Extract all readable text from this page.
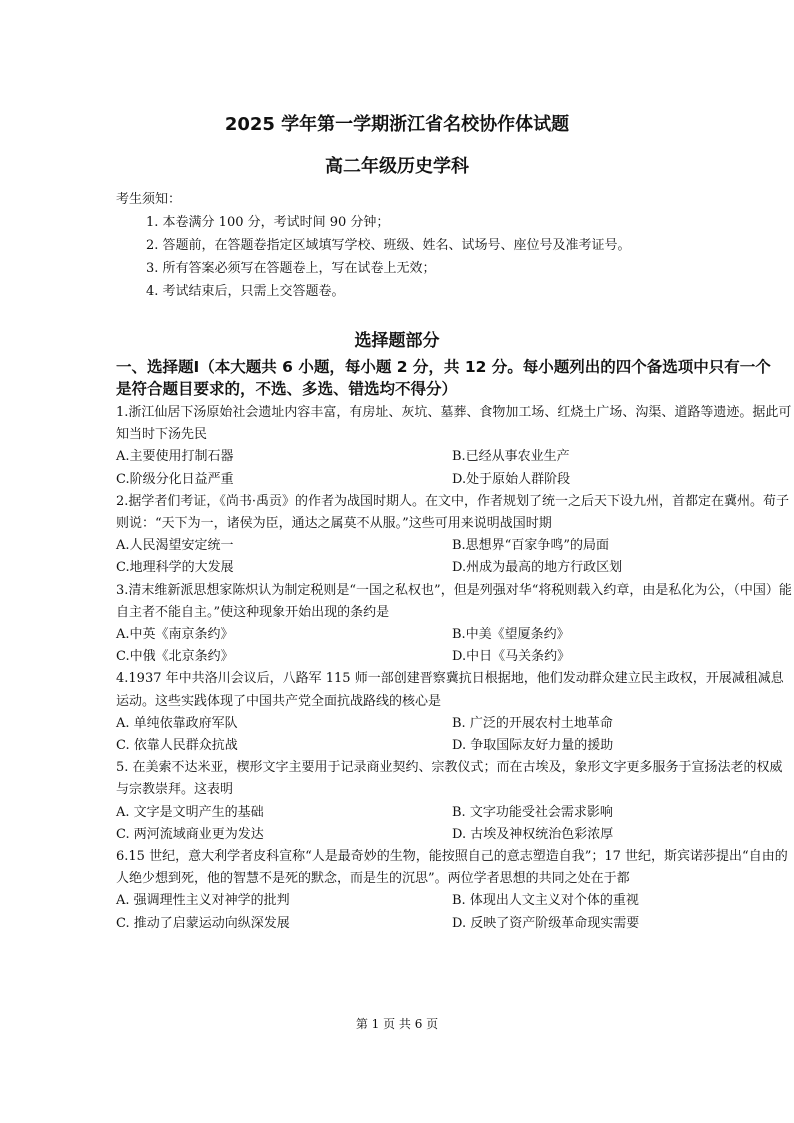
2025 学年第一学期浙江省名校协作体试题
高二年级历史学科
考生须知：
1. 本卷满分 100 分，考试时间 90 分钟；
2. 答题前，在答题卷指定区域填写学校、班级、姓名、试场号、座位号及准考证号。
3. 所有答案必须写在答题卷上，写在试卷上无效；
4. 考试结束后，只需上交答题卷。
选择题部分
一、选择题Ⅰ（本大题共 6 小题，每小题 2 分，共 12 分。每小题列出的四个备选项中只有一个是符合题目要求的，不选、多选、错选均不得分）
1.浙江仙居下汤原始社会遗址内容丰富，有房址、灰坑、墓葬、食物加工场、红烧土广场、沟渠、道路等遗迹。据此可知当时下汤先民
A.主要使用打制石器	B.已经从事农业生产
C.阶级分化日益严重	D.处于原始人群阶段
2.据学者们考证，《尚书·禹贡》的作者为战国时期人。在文中，作者规划了统一之后天下设九州，首都定在冀州。荀子则说：“天下为一，诸侯为臣，通达之属莫不从服。”这些可用来说明战国时期
A.人民渴望安定统一	B.思想界“百家争鸣”的局面
C.地理科学的大发展	D.州成为最高的地方行政区划
3.清末维新派思想家陈炽认为制定税则是“一国之私权也”，但是列强对华“将税则载入约章，由是私化为公，（中国）能自主者不能自主。”使这种现象开始出现的条约是
A.中英《南京条约》	B.中美《望厦条约》
C.中俄《北京条约》	D.中日《马关条约》
4.1937 年中共洛川会议后，八路军 115 师一部创建晋察冀抗日根据地，他们发动群众建立民主政权，开展减租减息运动。这些实践体现了中国共产党全面抗战路线的核心是
A. 单纯依靠政府军队	B. 广泛的开展农村土地革命
C. 依靠人民群众抗战	D. 争取国际友好力量的援助
5. 在美索不达米亚，楔形文字主要用于记录商业契约、宗教仪式；而在古埃及，象形文字更多服务于宣扬法老的权威与宗教崇拜。这表明
A. 文字是文明产生的基础	B. 文字功能受社会需求影响
C. 两河流域商业更为发达	D. 古埃及神权统治色彩浓厚
6.15 世纪，意大利学者皮科宣称“人是最奇妙的生物，能按照自己的意志塑造自我”；17 世纪，斯宾诺莎提出“自由的人绝少想到死，他的智慧不是死的默念，而是生的沉思”。两位学者思想的共同之处在于都
A. 强调理性主义对神学的批判	B. 体现出人文主义对个体的重视
C. 推动了启蒙运动向纵深发展	D. 反映了资产阶级革命现实需要
第 1 页 共 6 页
